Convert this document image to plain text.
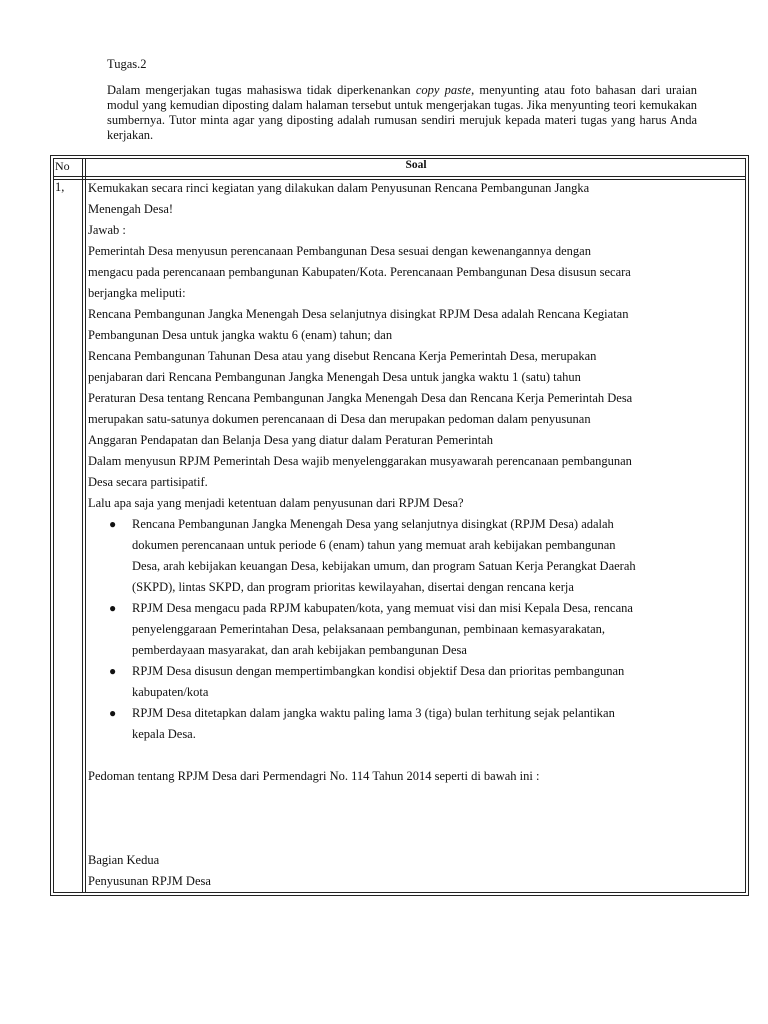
Tugas.2
Dalam mengerjakan tugas mahasiswa tidak diperkenankan copy paste, menyunting atau foto bahasan dari uraian modul yang kemudian diposting dalam halaman tersebut untuk mengerjakan tugas. Jika menyunting teori kemukakan sumbernya. Tutor minta agar yang diposting adalah rumusan sendiri merujuk kepada materi tugas yang harus Anda kerjakan.
No	Soal
1, Kemukakan secara rinci kegiatan yang dilakukan dalam Penyusunan Rencana Pembangunan Jangka

Menengah Desa!

Jawab :

Pemerintah Desa menyusun perencanaan Pembangunan Desa sesuai dengan kewenangannya dengan

mengacu pada perencanaan pembangunan Kabupaten/Kota. Perencanaan Pembangunan Desa disusun secara

berjangka meliputi:

Rencana Pembangunan Jangka Menengah Desa selanjutnya disingkat RPJM Desa adalah Rencana Kegiatan

Pembangunan Desa untuk jangka waktu 6 (enam) tahun; dan

Rencana Pembangunan Tahunan Desa atau yang disebut Rencana Kerja Pemerintah Desa, merupakan

penjabaran dari Rencana Pembangunan Jangka Menengah Desa untuk jangka waktu 1 (satu) tahun

Peraturan Desa tentang Rencana Pembangunan Jangka Menengah Desa dan Rencana Kerja Pemerintah Desa

merupakan satu-satunya dokumen perencanaan di Desa dan merupakan pedoman dalam penyusunan

Anggaran Pendapatan dan Belanja Desa yang diatur dalam Peraturan Pemerintah

Dalam menyusun RPJM Pemerintah Desa wajib menyelenggarakan musyawarah perencanaan pembangunan

Desa secara partisipatif.

Lalu apa saja yang menjadi ketentuan dalam penyusunan dari RPJM Desa?

● Rencana Pembangunan Jangka Menengah Desa yang selanjutnya disingkat (RPJM Desa) adalah
dokumen perencanaan untuk periode 6 (enam) tahun yang memuat arah kebijakan pembangunan
Desa, arah kebijakan keuangan Desa, kebijakan umum, dan program Satuan Kerja Perangkat Daerah
(SKPD), lintas SKPD, dan program prioritas kewilayahan, disertai dengan rencana kerja
● RPJM Desa mengacu pada RPJM kabupaten/kota, yang memuat visi dan misi Kepala Desa, rencana
penyelenggaraan Pemerintahan Desa, pelaksanaan pembangunan, pembinaan kemasyarakatan,
pemberdayaan masyarakat, dan arah kebijakan pembangunan Desa
● RPJM Desa disusun dengan mempertimbangkan kondisi objektif Desa dan prioritas pembangunan
kabupaten/kota
● RPJM Desa ditetapkan dalam jangka waktu paling lama 3 (tiga) bulan terhitung sejak pelantikan
kepala Desa.

Pedoman tentang RPJM Desa dari Permendagri No. 114 Tahun 2014 seperti di bawah ini :

Bagian Kedua

Penyusunan RPJM Desa
